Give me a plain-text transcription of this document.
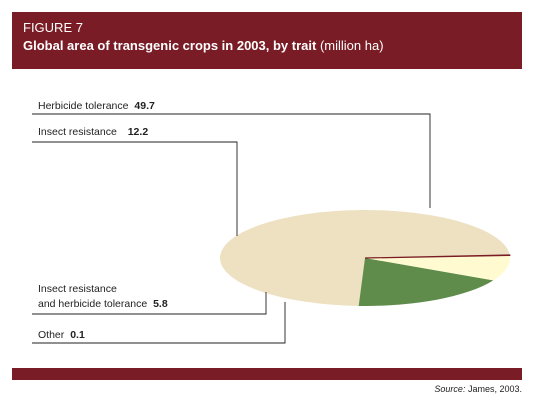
FIGURE 7
Global area of transgenic crops in 2003, by trait (million ha)
Herbicide tolerance 49.7
Insect resistance 12.2
Insect resistance
and herbicide tolerance 5.8
Other 0.1
Source: James, 2003.
